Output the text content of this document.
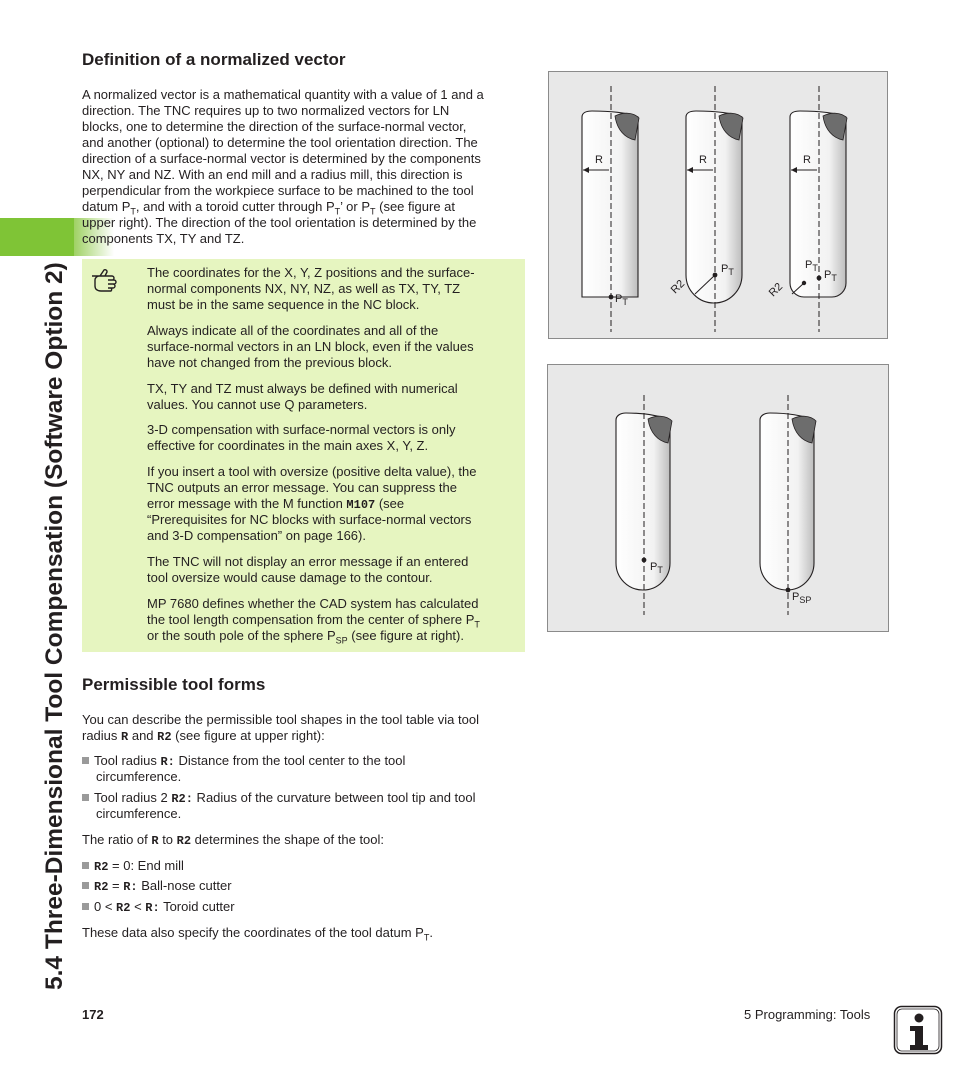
5.4 Three-Dimensional Tool Compensation (Software Option 2)
Definition of a normalized vector

A normalized vector is a mathematical quantity with a value of 1 and a

direction. The TNC requires up to two normalized vectors for LN

blocks, one to determine the direction of the surface-normal vector,

and another (optional) to determine the tool orientation direction. The

direction of a surface-normal vector is determined by the components

NX, NY and NZ. With an end mill and a radius mill, this direction is

perpendicular from the workpiece surface to be machined to the tool

datum $P_T$, and with a toroid cutter through $P_T$’ or $P_T$ (see figure at

upper right). The direction of the tool orientation is determined by the

components TX, TY and TZ.

The coordinates for the X, Y, Z positions and the surface-

normal components NX, NY, NZ, as well as TX, TY, TZ

must be in the same sequence in the NC block.

Always indicate all of the coordinates and all of the

surface-normal vectors in an LN block, even if the values

have not changed from the previous block.

TX, TY and TZ must always be defined with numerical

values. You cannot use Q parameters.

3-D compensation with surface-normal vectors is only

effective for coordinates in the main axes X, Y, Z.

If you insert a tool with oversize (positive delta value), the

TNC outputs an error message. You can suppress the

error message with the M function M107 (see

“Prerequisites for NC blocks with surface-normal vectors

and 3-D compensation” on page 166).

The TNC will not display an error message if an entered

tool oversize would cause damage to the contour.

MP 7680 defines whether the CAD system has calculated

the tool length compensation from the center of sphere $P_T$

or the south pole of the sphere $P_{SP}$ (see figure at right).

Permissible tool forms

You can describe the permissible tool shapes in the tool table via tool

radius R and R2 (see figure at upper right):

Tool radius R: Distance from the tool center to the tool

circumference.

Tool radius 2 R2: Radius of the curvature between tool tip and tool

circumference.

The ratio of R to R2 determines the shape of the tool:

R2 = 0: End mill
R2 = R: Ball-nose cutter
0 < R2 < R: Toroid cutter

These data also specify the coordinates of the tool datum $P_T$.

R	R	R
$P_T$
$P_T$
R2
$P_T$
$P_T$
R2
$P_T$
$P_{SP}$
172	5 Programming: Tools
